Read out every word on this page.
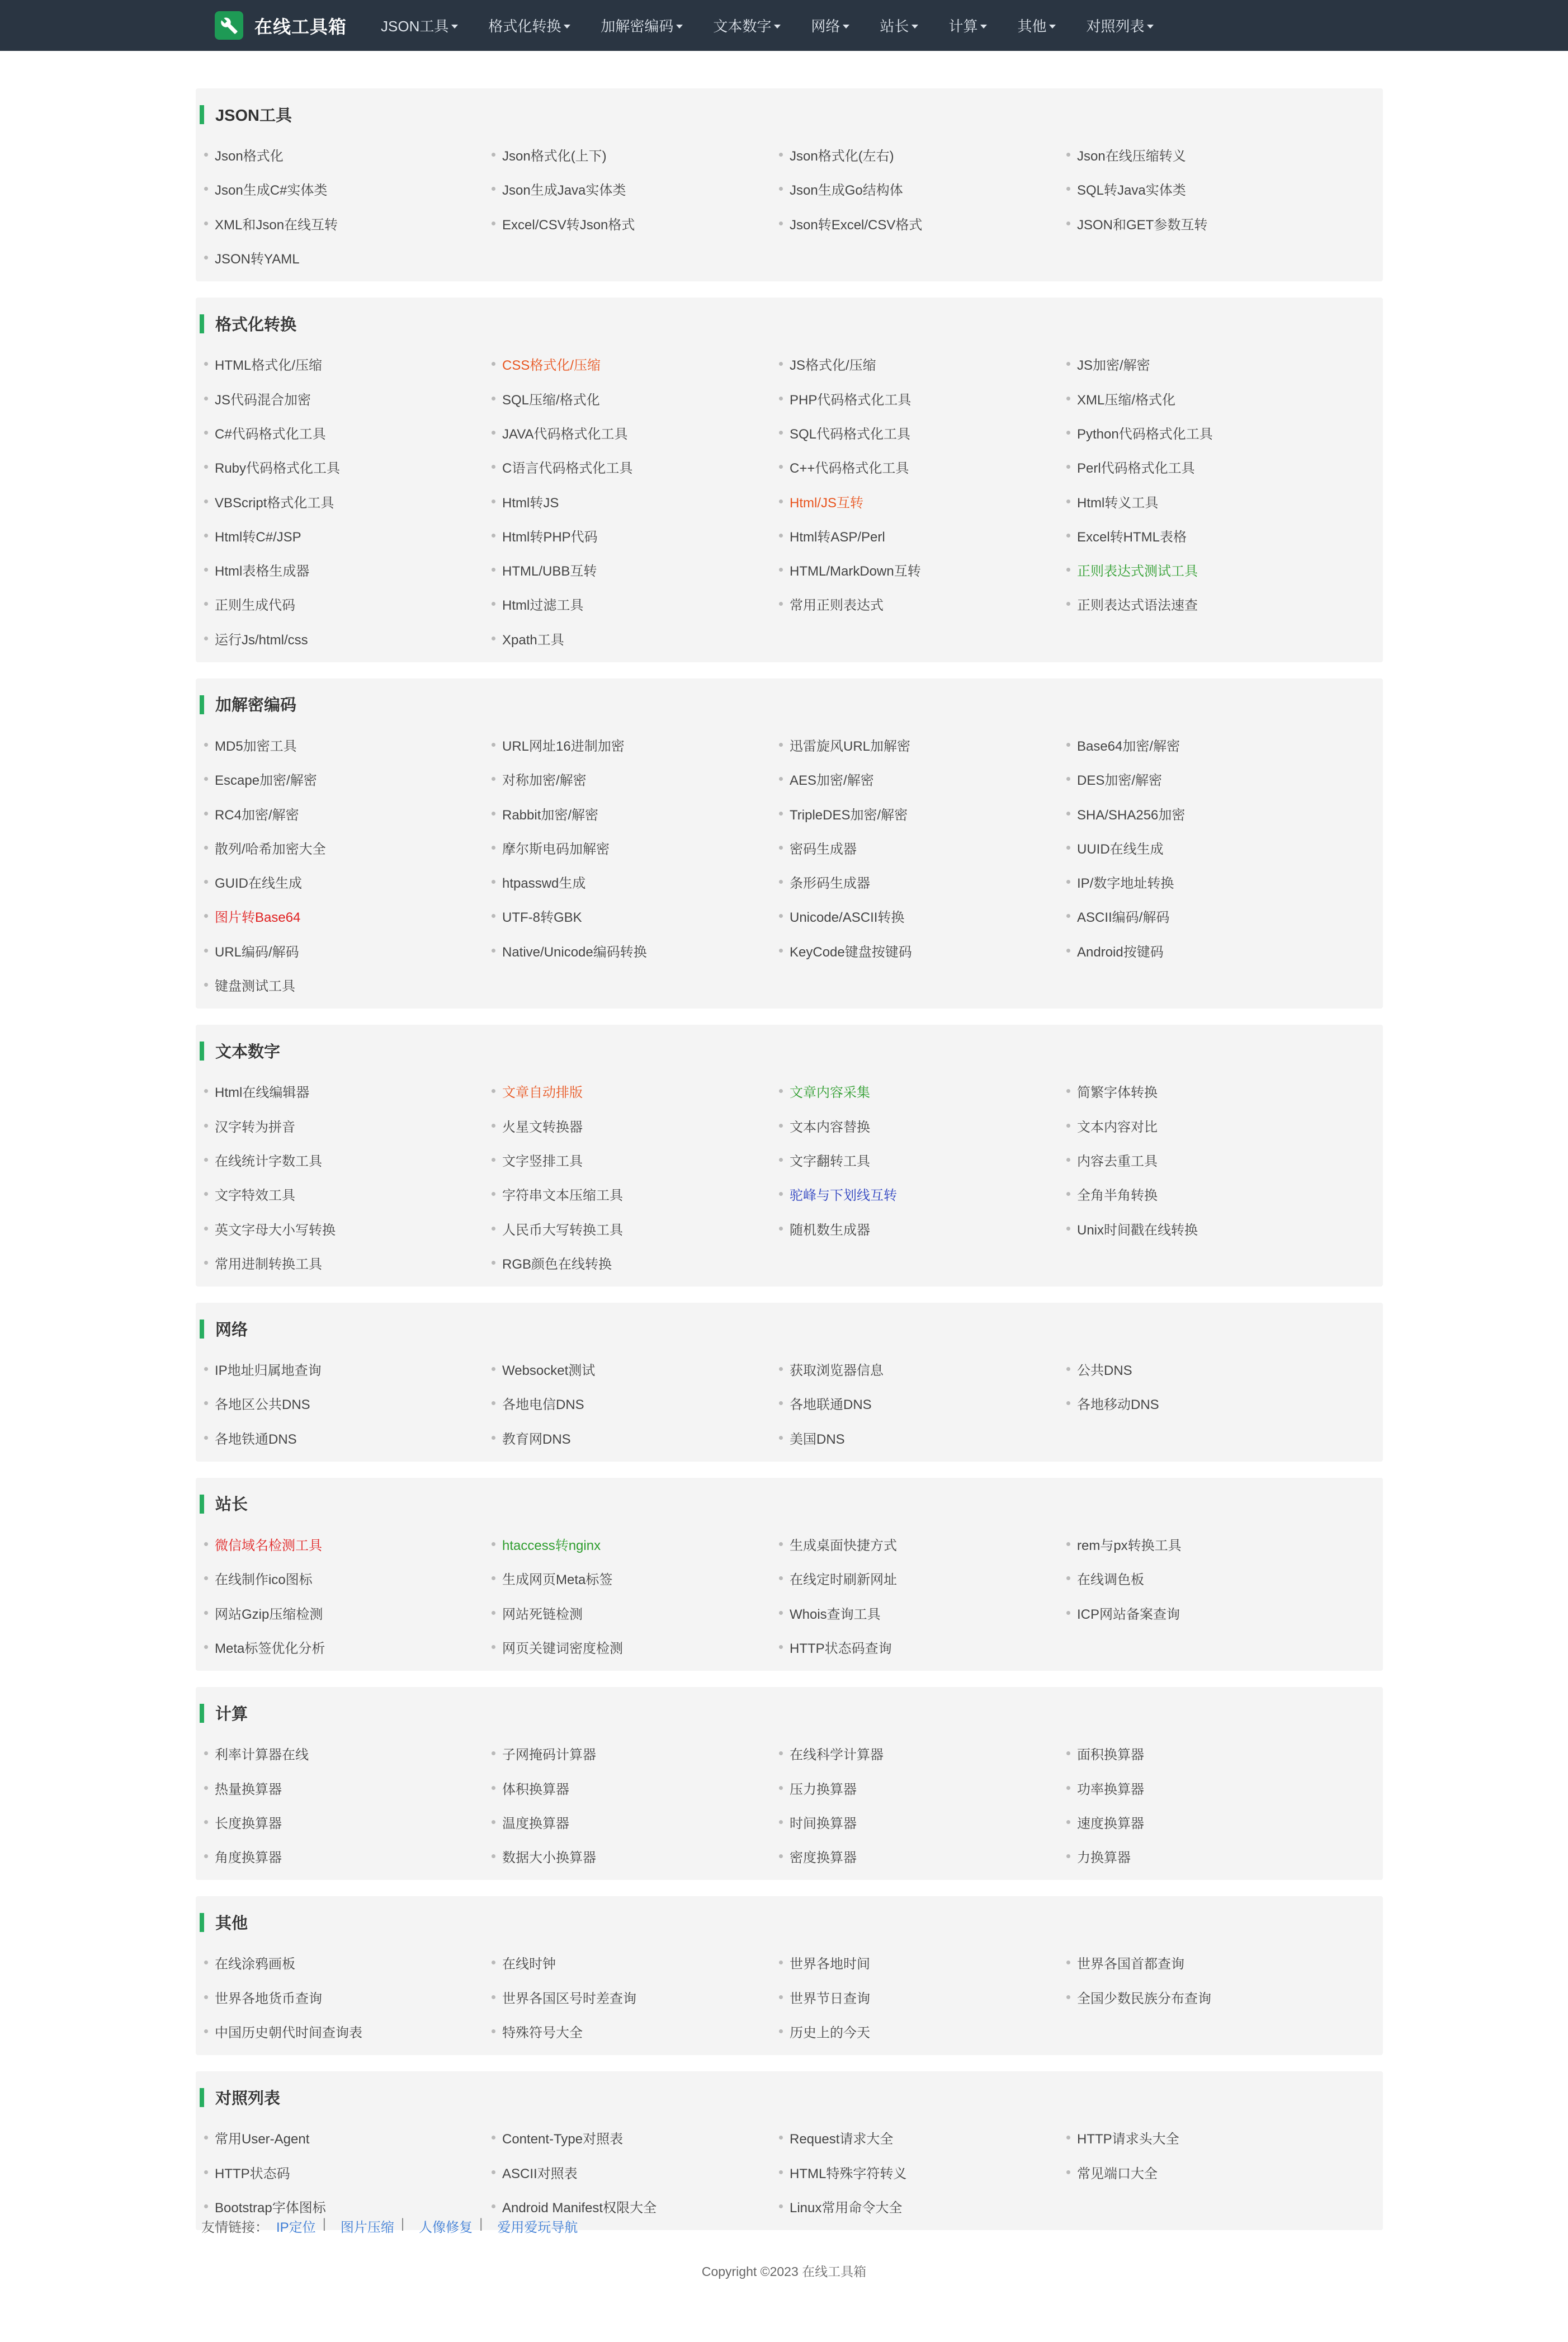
在线工具箱 JSON工具	格式化转换	加解密编码	文本数字	网络	站长	计算	其他	对照列表
JSON工具
Json格式化	Json格式化(上下)	Json格式化(左右)	Json在线压缩转义
Json生成C#实体类	Json生成Java实体类	Json生成Go结构体	SQL转Java实体类
XML和Json在线互转	Excel/CSV转Json格式	Json转Excel/CSV格式	JSON和GET参数互转
JSON转YAML
格式化转换
HTML格式化/压缩	CSS格式化/压缩	JS格式化/压缩	JS加密/解密
JS代码混合加密	SQL压缩/格式化	PHP代码格式化工具	XML压缩/格式化
C#代码格式化工具	JAVA代码格式化工具	SQL代码格式化工具	Python代码格式化工具
Ruby代码格式化工具	C语言代码格式化工具	C++代码格式化工具	Perl代码格式化工具
VBScript格式化工具	Html转JS	Html/JS互转	Html转义工具
Html转C#/JSP	Html转PHP代码	Html转ASP/Perl	Excel转HTML表格
Html表格生成器	HTML/UBB互转	HTML/MarkDown互转	正则表达式测试工具
正则生成代码	Html过滤工具	常用正则表达式	正则表达式语法速查
运行Js/html/css	Xpath工具
加解密编码
MD5加密工具	URL网址16进制加密	迅雷旋风URL加解密	Base64加密/解密
Escape加密/解密	对称加密/解密	AES加密/解密	DES加密/解密
RC4加密/解密	Rabbit加密/解密	TripleDES加密/解密	SHA/SHA256加密
散列/哈希加密大全	摩尔斯电码加解密	密码生成器	UUID在线生成
GUID在线生成	htpasswd生成	条形码生成器	IP/数字地址转换
图片转Base64	UTF-8转GBK	Unicode/ASCII转换	ASCII编码/解码
URL编码/解码	Native/Unicode编码转换	KeyCode键盘按键码	Android按键码
键盘测试工具
文本数字
Html在线编辑器	文章自动排版	文章内容采集	简繁字体转换
汉字转为拼音	火星文转换器	文本内容替换	文本内容对比
在线统计字数工具	文字竖排工具	文字翻转工具	内容去重工具
文字特效工具	字符串文本压缩工具	驼峰与下划线互转	全角半角转换
英文字母大小写转换	人民币大写转换工具	随机数生成器	Unix时间戳在线转换
常用进制转换工具	RGB颜色在线转换
网络
IP地址归属地查询	Websocket测试	获取浏览器信息	公共DNS
各地区公共DNS	各地电信DNS	各地联通DNS	各地移动DNS
各地铁通DNS	教育网DNS	美国DNS
站长
微信域名检测工具	htaccess转nginx	生成桌面快捷方式	rem与px转换工具
在线制作ico图标	生成网页Meta标签	在线定时刷新网址	在线调色板
网站Gzip压缩检测	网站死链检测	Whois查询工具	ICP网站备案查询
Meta标签优化分析	网页关键词密度检测	HTTP状态码查询
计算
利率计算器在线	子网掩码计算器	在线科学计算器	面积换算器
热量换算器	体积换算器	压力换算器	功率换算器
长度换算器	温度换算器	时间换算器	速度换算器
角度换算器	数据大小换算器	密度换算器	力换算器
其他
在线涂鸦画板	在线时钟	世界各地时间	世界各国首都查询
世界各地货币查询	世界各国区号时差查询	世界节日查询	全国少数民族分布查询
中国历史朝代时间查询表	特殊符号大全	历史上的今天
对照列表
常用User-Agent	Content-Type对照表	Request请求大全	HTTP请求头大全
HTTP状态码	ASCII对照表	HTML特殊字符转义	常见端口大全
Bootstrap字体图标	Android Manifest权限大全	Linux常用命令大全
友情链接： IP定位 | 图片压缩 | 人像修复 | 爱用爱玩导航
Copyright ©2023 在线工具箱
